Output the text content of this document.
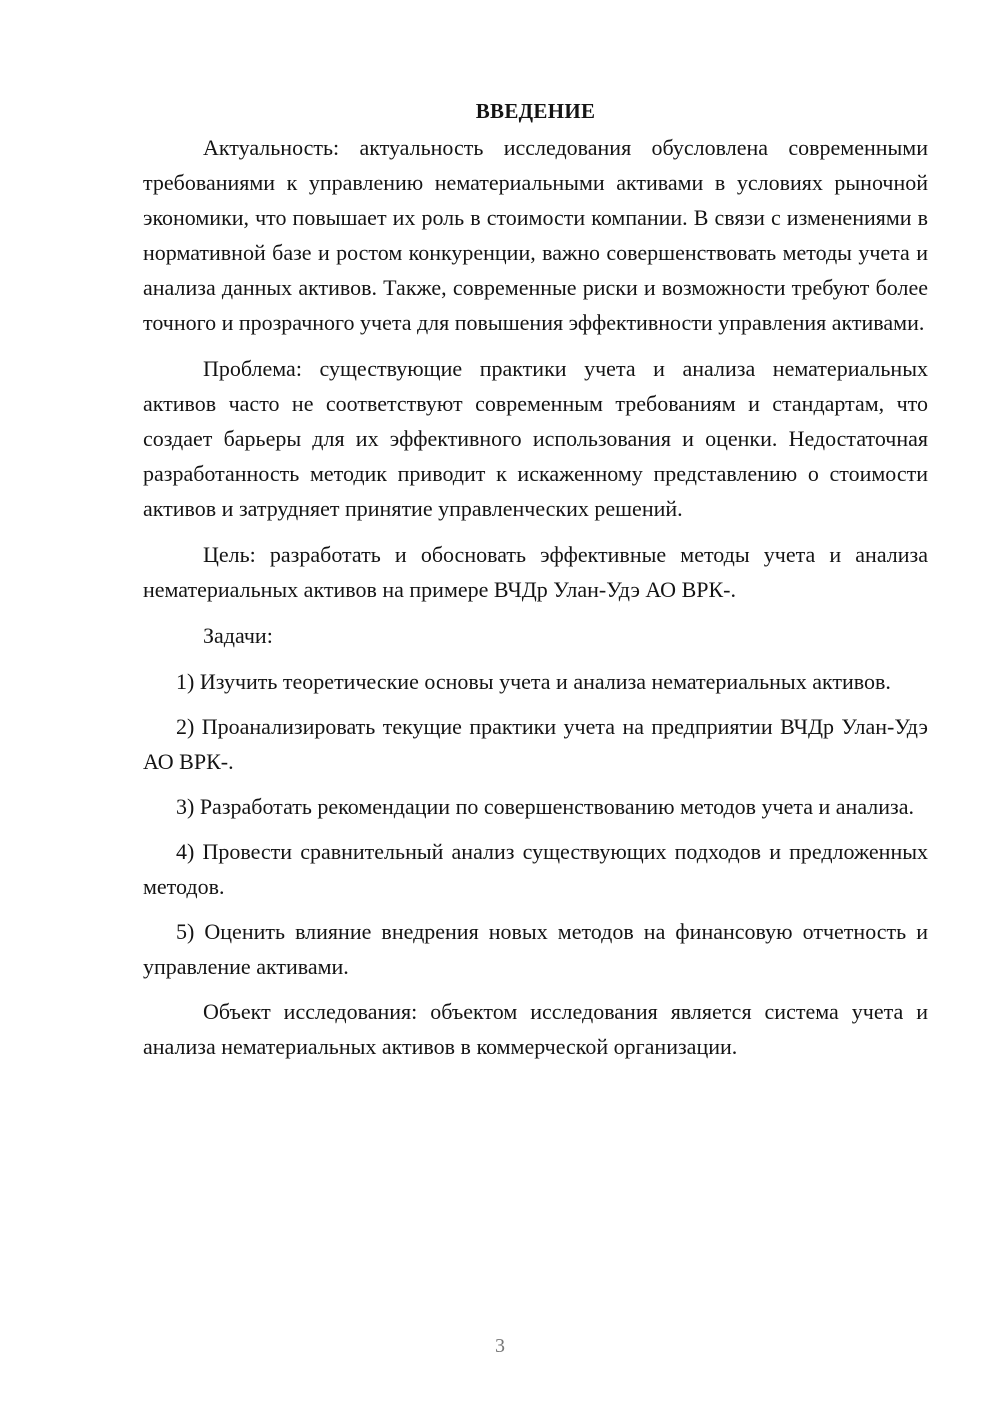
ВВЕДЕНИЕ

Актуальность: актуальность исследования обусловлена современными требованиями к управлению нематериальными активами в условиях рыночной экономики, что повышает их роль в стоимости компании. В связи с изменениями в нормативной базе и ростом конкуренции, важно совершенствовать методы учета и анализа данных активов. Также, современные риски и возможности требуют более точного и прозрачного учета для повышения эффективности управления активами.

Проблема: существующие практики учета и анализа нематериальных активов часто не соответствуют современным требованиям и стандартам, что создает барьеры для их эффективного использования и оценки. Недостаточная разработанность методик приводит к искаженному представлению о стоимости активов и затрудняет принятие управленческих решений.

Цель: разработать и обосновать эффективные методы учета и анализа нематериальных активов на примере ВЧДр Улан-Удэ АО ВРК-.

Задачи:

1) Изучить теоретические основы учета и анализа нематериальных активов.

2) Проанализировать текущие практики учета на предприятии ВЧДр Улан-Удэ АО ВРК-.

3) Разработать рекомендации по совершенствованию методов учета и анализа.

4) Провести сравнительный анализ существующих подходов и предложенных методов.

5) Оценить влияние внедрения новых методов на финансовую отчетность и управление активами.

Объект исследования: объектом исследования является система учета и анализа нематериальных активов в коммерческой организации.

3
